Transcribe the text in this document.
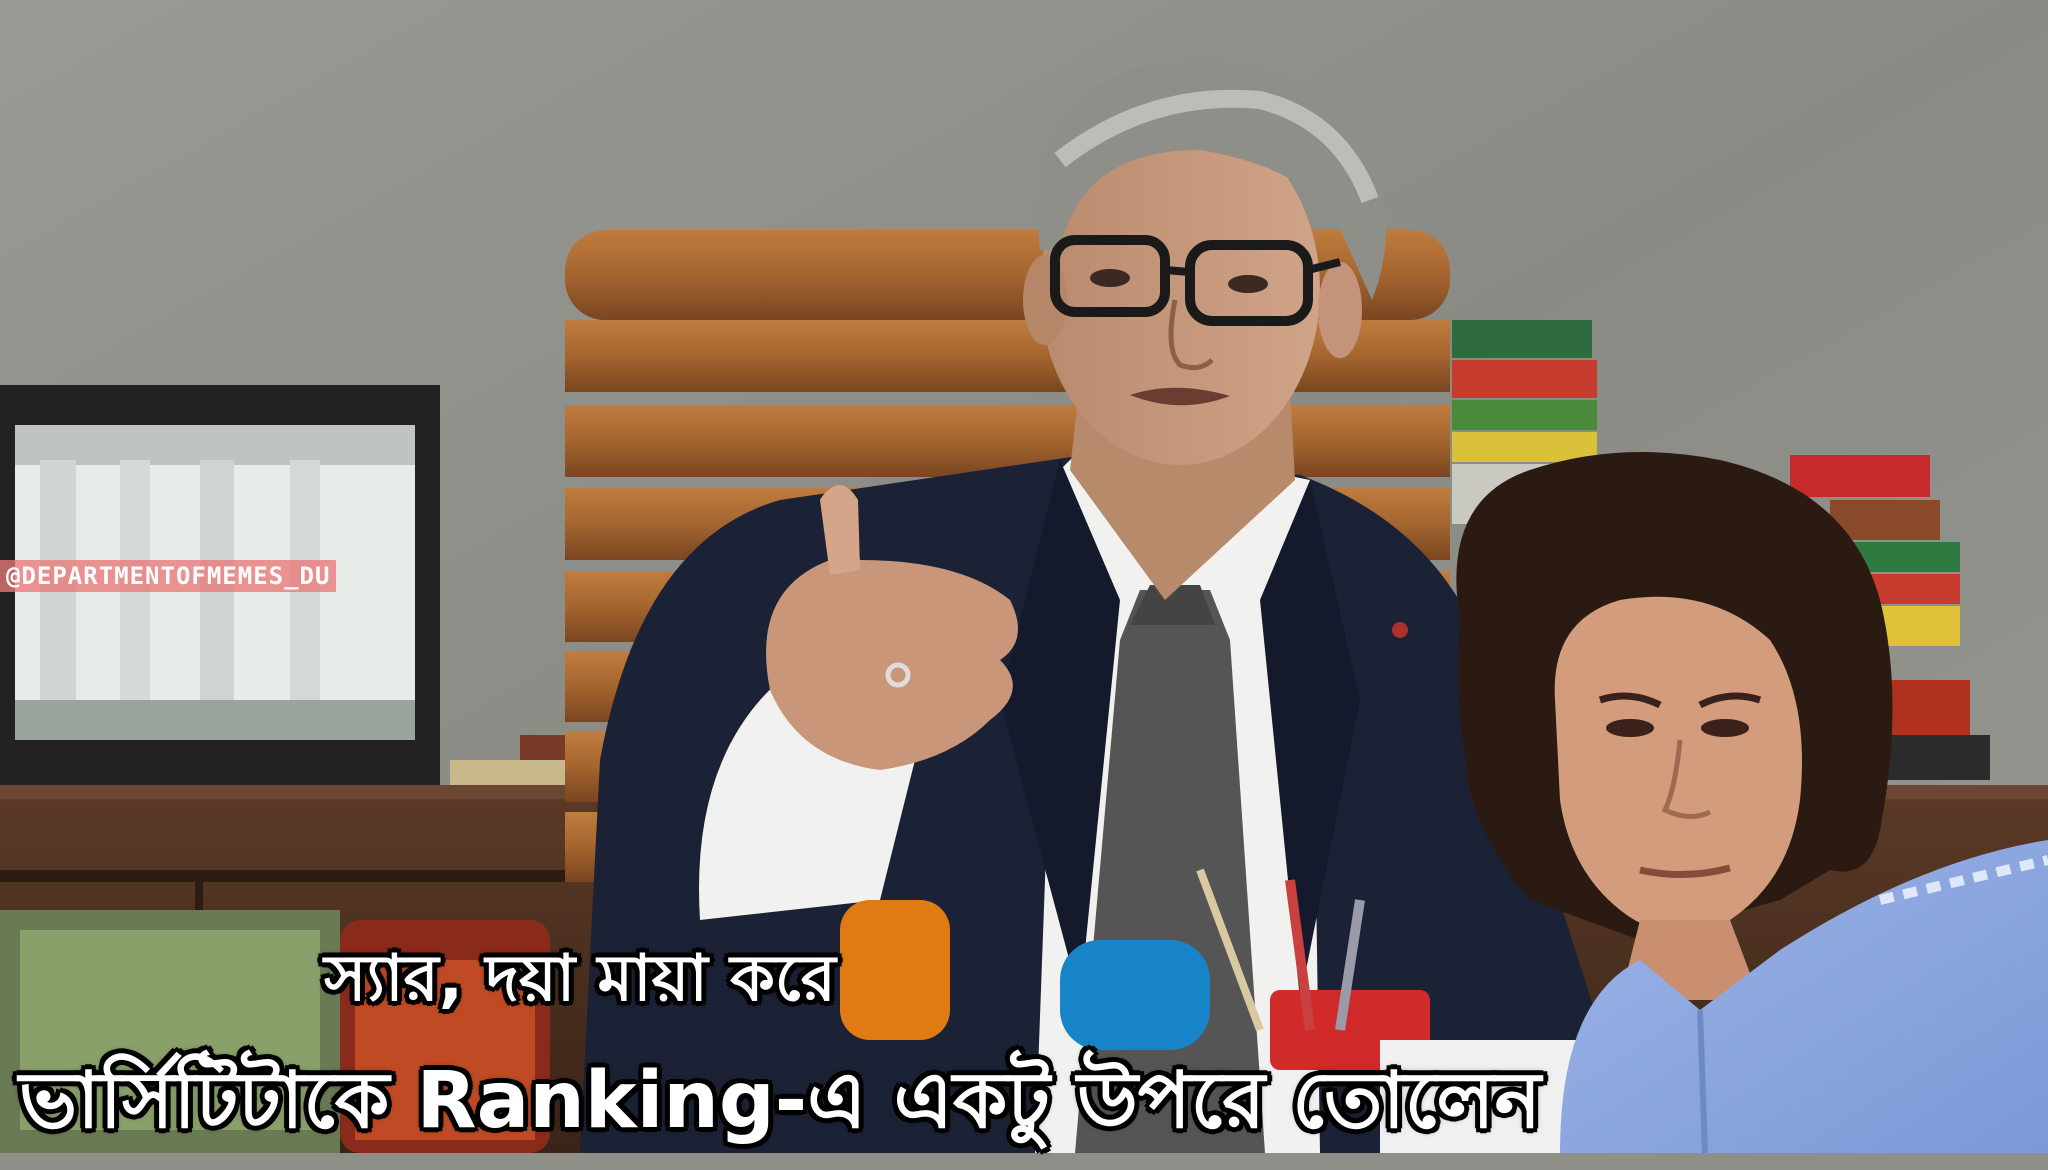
@DEPARTMENTOFMEMES_DU
স্যার, দয়া মায়া করে
ভার্সিটিটাকে Ranking-এ একটু উপরে তোলেন
